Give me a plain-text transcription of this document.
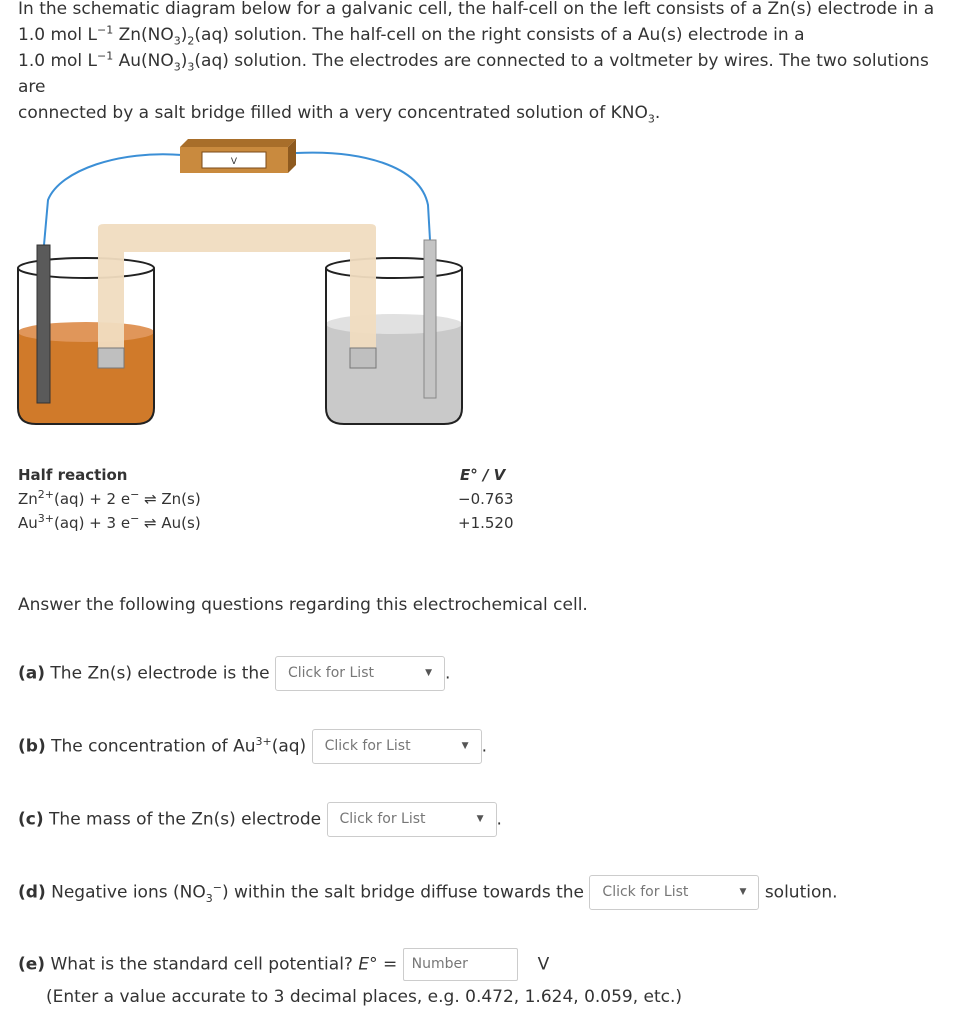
In the schematic diagram below for a galvanic cell, the half-cell on the left consists of a Zn(s) electrode in a
1.0 mol $L^{-1}$ $Zn(NO_3)_2(aq)$ solution. The half-cell on the right consists of a Au(s) electrode in a
1.0 mol $L^{-1}$ $Au(NO_3)_3(aq)$ solution. The electrodes are connected to a voltmeter by wires. The two solutions are
connected by a salt bridge filled with a very concentrated solution of $KNO_3$.
V
Half reaction	E° / V
$Zn^{2+}(aq) + 2$ e− ⇌ Zn(s)	−0.763
$Au^{3+}(aq) + 3$ e− ⇌ Au(s)	+1.520
Answer the following questions regarding this electrochemical cell.
(a) The Zn(s) electrode is the Click for List	▼ .
(b) The concentration of $Au^{3+}(aq)$ Click for List	▼ .
(c) The mass of the Zn(s) electrode Click for List	▼ .
(d) Negative ions $(NO_3^-)$ within the salt bridge diffuse towards the Click for List	▼ solution.
(e) What is the standard cell potential? E° = Number	V
(Enter a value accurate to 3 decimal places, e.g. 0.472, 1.624, 0.059, etc.)
